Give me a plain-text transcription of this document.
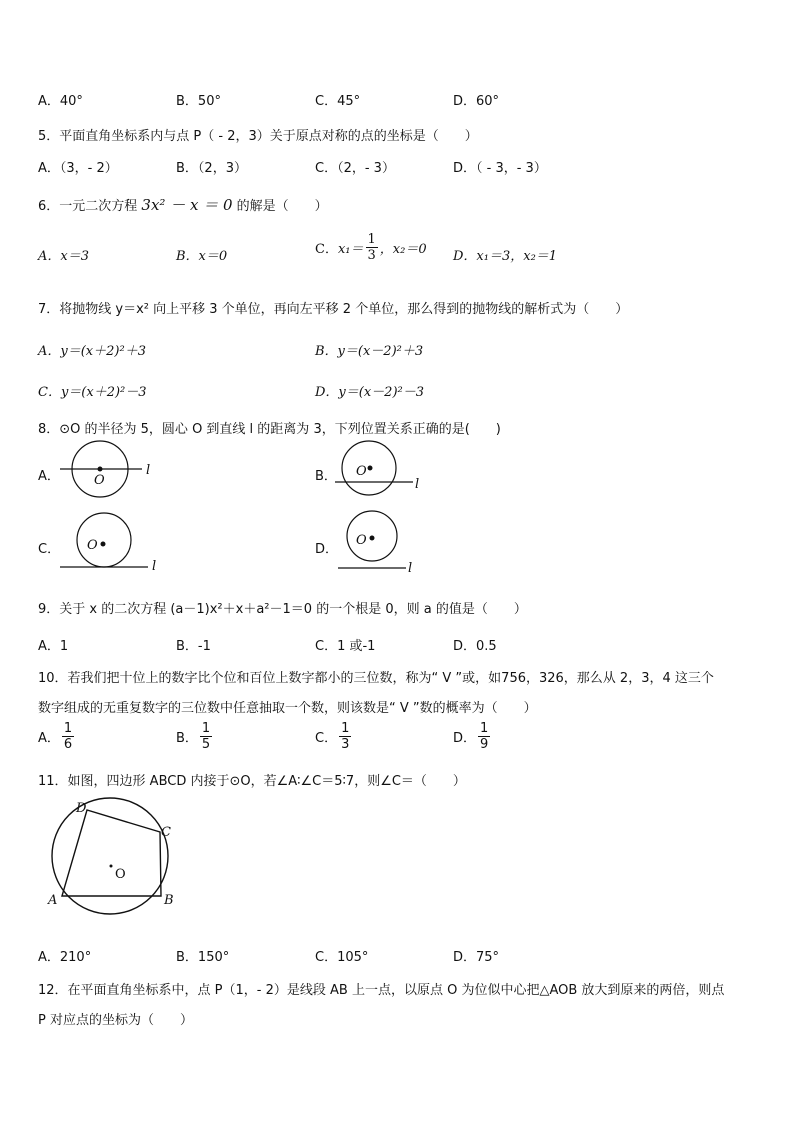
A．40°	B．50°	C．45°	D．60°
5．平面直角坐标系内与点 P（ - 2，3）关于原点对称的点的坐标是（　　）
A．（3，- 2）	B．（2，3）	C．（2，- 3）	D．（ - 3，- 3）
6．一元二次方程 3x² － x ＝ 0 的解是（　　）
A．x＝3	B．x＝0	C． $x_1= \frac{1}{3}$ ，x₂＝0 D．x₁＝3，x₂＝1
7．将抛物线 y＝x² 向上平移 3 个单位，再向左平移 2 个单位，那么得到的抛物线的解析式为（　　）
A．y＝(x＋2)²＋3	B．y＝(x－2)²＋3
C．y＝(x＋2)²－3	D．y＝(x－2)²－3
8．⊙O 的半径为 5，圆心 O 到直线 l 的距离为 3，下列位置关系正确的是(　　)
A．	O
l	B． O
l
C． O
l
D．
O
l
9．关于 x 的二次方程 (a－1)x²＋x＋a²－1＝0 的一个根是 0，则 a 的值是（　　）
A．1	B．-1	C．1 或-1	D．0.5
10．若我们把十位上的数字比个位和百位上数字都小的三位数，称为“ V ”或，如756，326，那么从 2，3，4 这三个
数字组成的无重复数字的三位数中任意抽取一个数，则该数是“ V ”数的概率为（　　）
A． $\frac{1}{6}$	B． $\frac{1}{5}$	C． $\frac{1}{3}$	D． $\frac{1}{9}$
11．如图，四边形 ABCD 内接于⊙O，若∠A∶∠C＝5∶7，则∠C＝（　　）
O
D
C
A	B
A．210°	B．150°	C．105°	D．75°
12．在平面直角坐标系中，点 P（1，- 2）是线段 AB 上一点，以原点 O 为位似中心把△AOB 放大到原来的两倍，则点
P 对应点的坐标为（　　）
